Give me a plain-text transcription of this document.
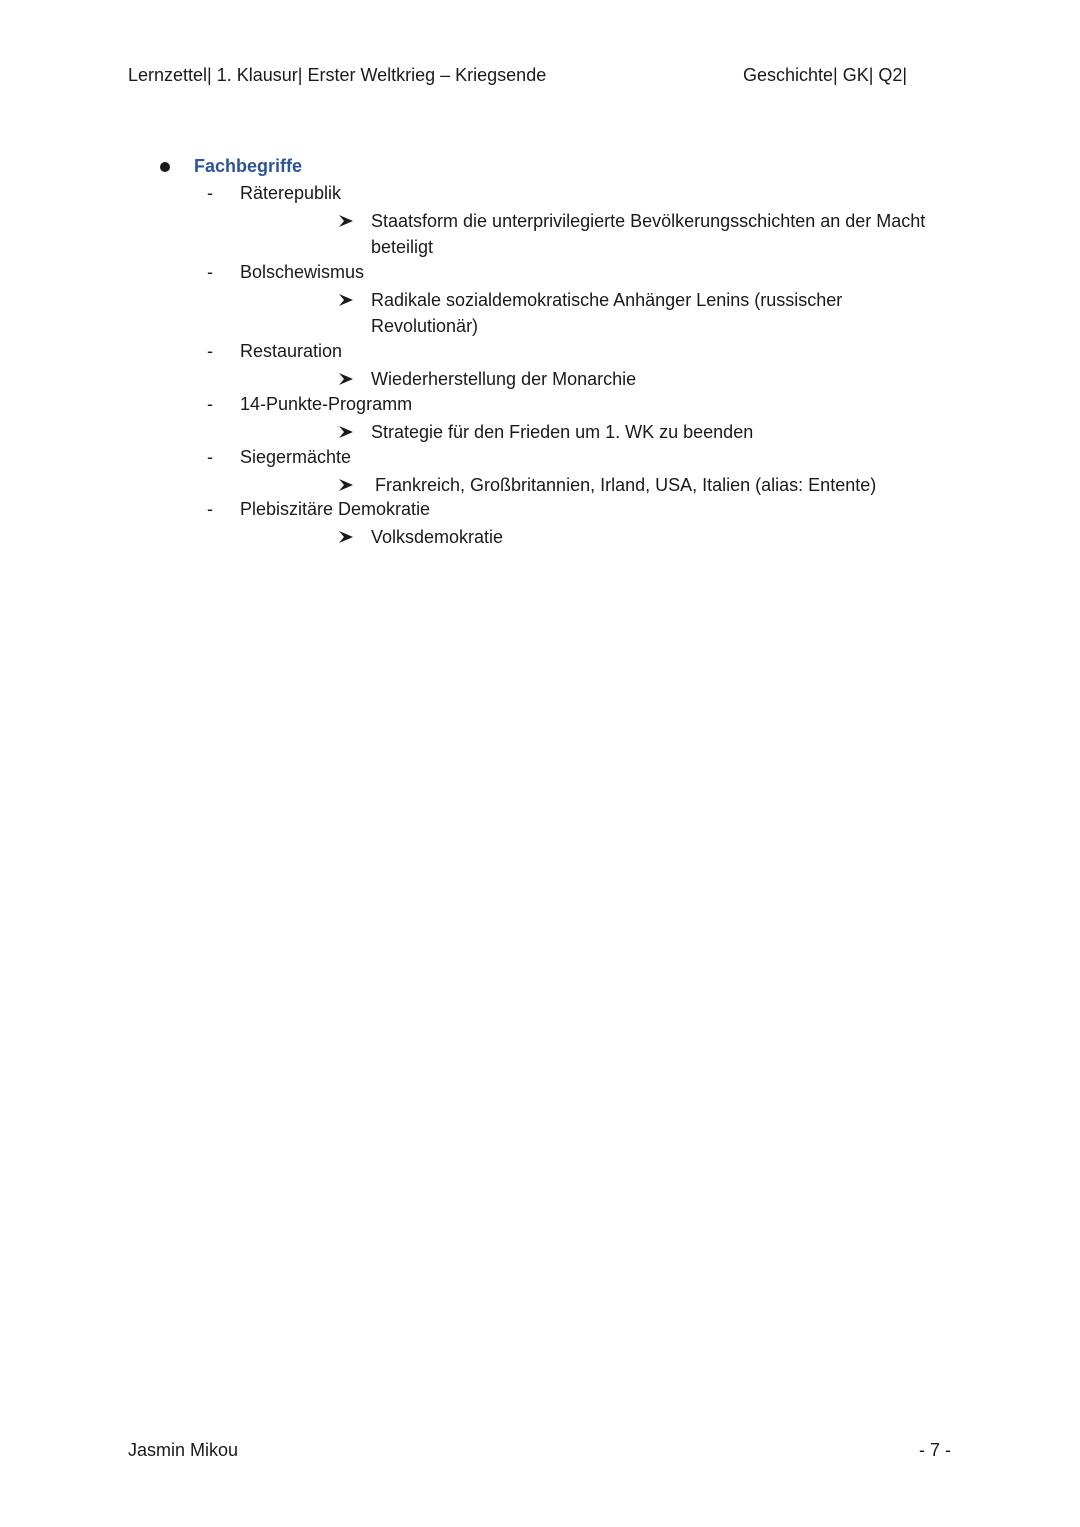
Lernzettel| 1. Klausur| Erster Weltkrieg – Kriegsende	Geschichte| GK| Q2|
Fachbegriffe
- Räterepublik
Staatsform die unterprivilegierte Bevölkerungsschichten an der Macht beteiligt
- Bolschewismus
Radikale sozialdemokratische Anhänger Lenins (russischer Revolutionär)
- Restauration
Wiederherstellung der Monarchie
- 14-Punkte-Programm
Strategie für den Frieden um 1. WK zu beenden
- Siegermächte
Frankreich, Großbritannien, Irland, USA, Italien (alias: Entente)
- Plebiszitäre Demokratie
Volksdemokratie
Jasmin Mikou	- 7 -
